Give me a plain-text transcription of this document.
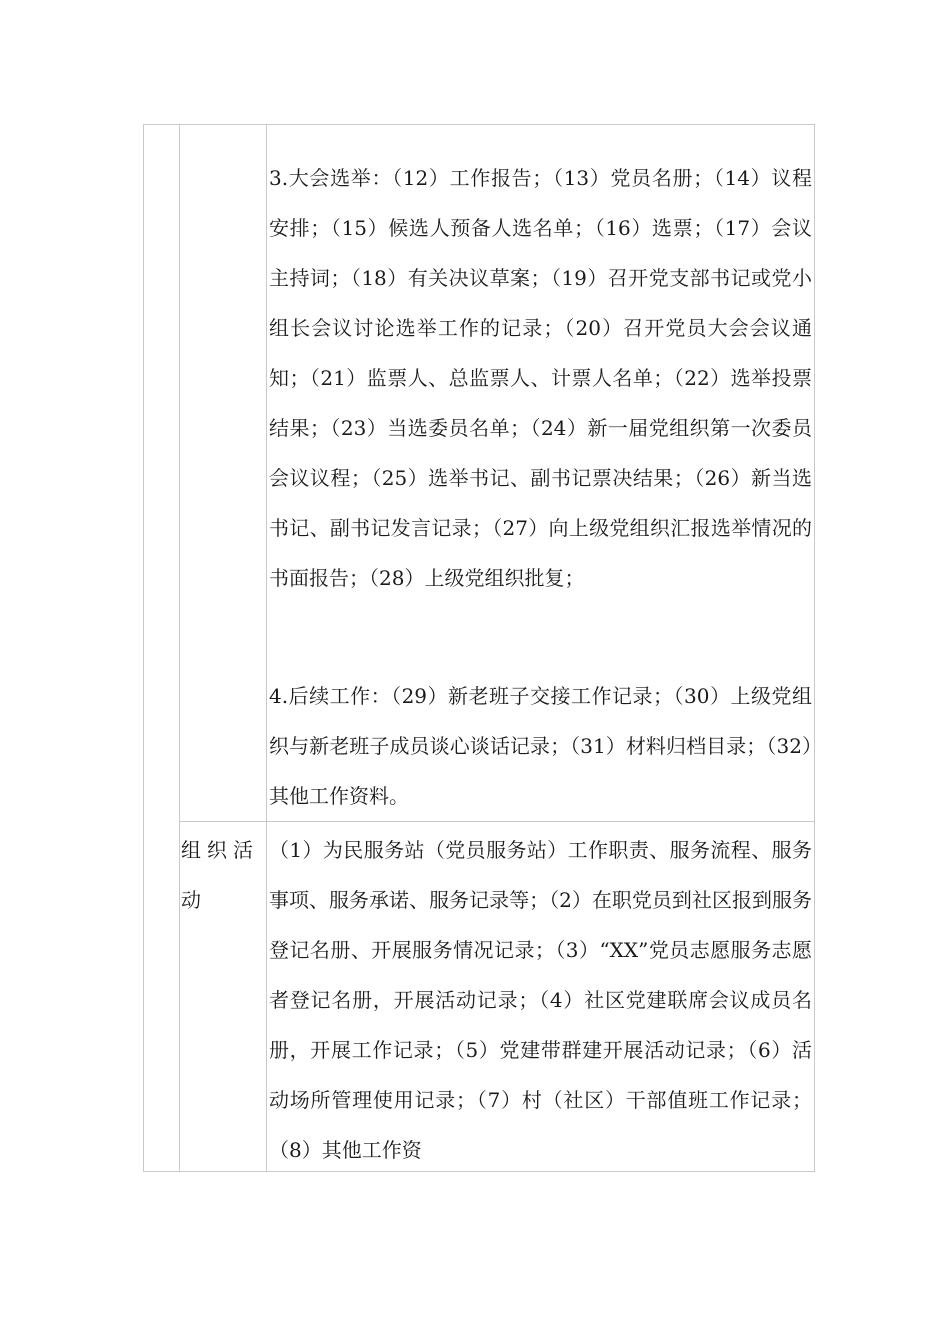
3.大会选举：（12）工作报告；（13）党员名册；（14）议程安排；（15）候选人预备人选名单；（16）选票；（17）会议主持词；（18）有关决议草案；（19）召开党支部书记或党小组长会议讨论选举工作的记录；（20）召开党员大会会议通知；（21）监票人、总监票人、计票人名单；（22）选举投票结果；（23）当选委员名单；（24）新一届党组织第一次委员会议议程；（25）选举书记、副书记票决结果；（26）新当选书记、副书记发言记录；（27）向上级党组织汇报选举情况的书面报告；（28）上级党组织批复；

4.后续工作：（29）新老班子交接工作记录；（30）上级党组织与新老班子成员谈心谈话记录；（31）材料归档目录；（32）其他工作资料。

组织活动

（1）为民服务站（党员服务站）工作职责、服务流程、服务事项、服务承诺、服务记录等；（2）在职党员到社区报到服务登记名册、开展服务情况记录；（3）“XX”党员志愿服务志愿者登记名册，开展活动记录；（4）社区党建联席会议成员名册，开展工作记录；（5）党建带群建开展活动记录；（6）活动场所管理使用记录；（7）村（社区）干部值班工作记录；（8）其他工作资
